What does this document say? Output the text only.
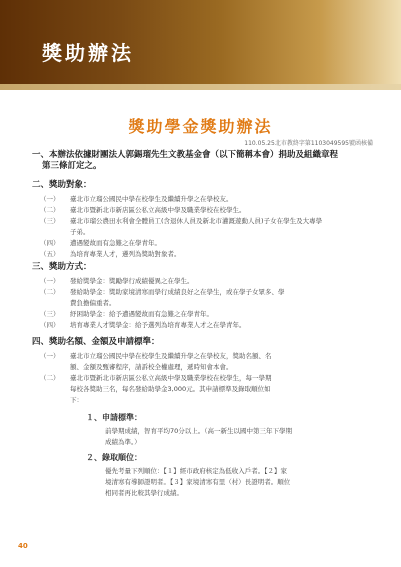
獎助辦法
獎助學金獎助辦法
110.05.25北市教終字第1103049595號函核備
一、本辦法依據財團法人郭錫瑠先生文教基金會（以下簡稱本會）捐助及組織章程
第三條訂定之。
二、獎助對象：
（一）	臺北市立瑠公國民中學在校學生及繼續升學之在學校友。
（二）	臺北市暨新北市新店區公私立高級中學及職業學校在校學生。
（三）	臺北市瑠公農田水利會全體員工(含退休人員及新北市灌溉遊動人員)子女在學生及大專學
子弟。
（四）	遭遇變故而有急難之在學青年。
（五）	為培育專業人才，遴列為獎助對象者。
三、獎助方式：
（一）	發給獎學金：獎勵學行成績優異之在學生。
（二）	發給助學金：獎助家境清寒而學行成績良好之在學生，或在學子女眾多、學
費負擔偏重者。
（三）	紓困助學金：給予遭遇變故而有急難之在學青年。
（四）	培育專業人才獎學金：給予選列為培育專業人才之在學青年。
四、獎助名額、金額及申請標準：
（一）	臺北市立瑠公國民中學在校學生及繼續升學之在學校友，獎助名額、名
額、金額及甄審程序，請訴校全權處理，遞時知會本會。
（二）	臺北市暨新北市新店區公私立高級中學及職業學校在校學生，每一學期
每校各獎助三名，每名發給助學金3,000元。其申請標準及錄取順位如
下：
１、申請標準：
前學期成績，智育平均70分以上。（高一新生以國中第三年下學期
成績為準。）
２、錄取順位：
優先考量下列順位：【１】經市政府核定為低收入戶者。【２】家
境清寒有導師證明者。【３】家境清寒有里（村）長證明者。順位
相同者再比較其學行成績。
40
